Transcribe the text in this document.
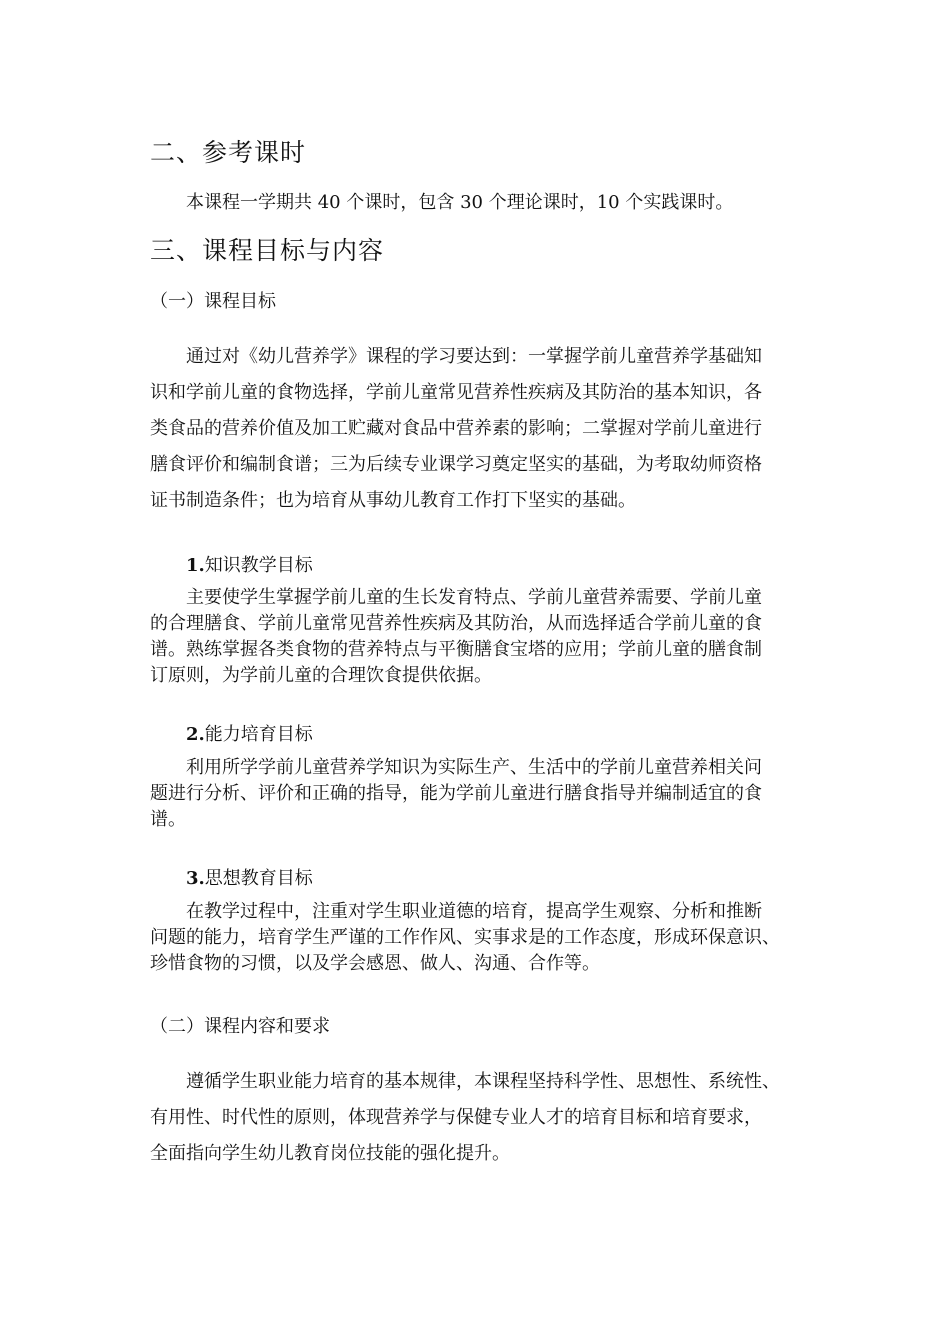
二、参考课时
本课程一学期共 40 个课时，包含 30 个理论课时，10 个实践课时。
三、课程目标与内容
（一）课程目标
通过对《幼儿营养学》课程的学习要达到：一掌握学前儿童营养学基础知
识和学前儿童的食物选择，学前儿童常见营养性疾病及其防治的基本知识，各
类食品的营养价值及加工贮藏对食品中营养素的影响；二掌握对学前儿童进行
膳食评价和编制食谱；三为后续专业课学习奠定坚实的基础，为考取幼师资格
证书制造条件；也为培育从事幼儿教育工作打下坚实的基础。
1.知识教学目标
主要使学生掌握学前儿童的生长发育特点、学前儿童营养需要、学前儿童
的合理膳食、学前儿童常见营养性疾病及其防治，从而选择适合学前儿童的食
谱。熟练掌握各类食物的营养特点与平衡膳食宝塔的应用；学前儿童的膳食制
订原则，为学前儿童的合理饮食提供依据。
2.能力培育目标
利用所学学前儿童营养学知识为实际生产、生活中的学前儿童营养相关问
题进行分析、评价和正确的指导，能为学前儿童进行膳食指导并编制适宜的食
谱。
3.思想教育目标
在教学过程中，注重对学生职业道德的培育，提高学生观察、分析和推断
问题的能力，培育学生严谨的工作作风、实事求是的工作态度，形成环保意识、
珍惜食物的习惯，以及学会感恩、做人、沟通、合作等。
（二）课程内容和要求
遵循学生职业能力培育的基本规律，本课程坚持科学性、思想性、系统性、
有用性、时代性的原则，体现营养学与保健专业人才的培育目标和培育要求，
全面指向学生幼儿教育岗位技能的强化提升。
